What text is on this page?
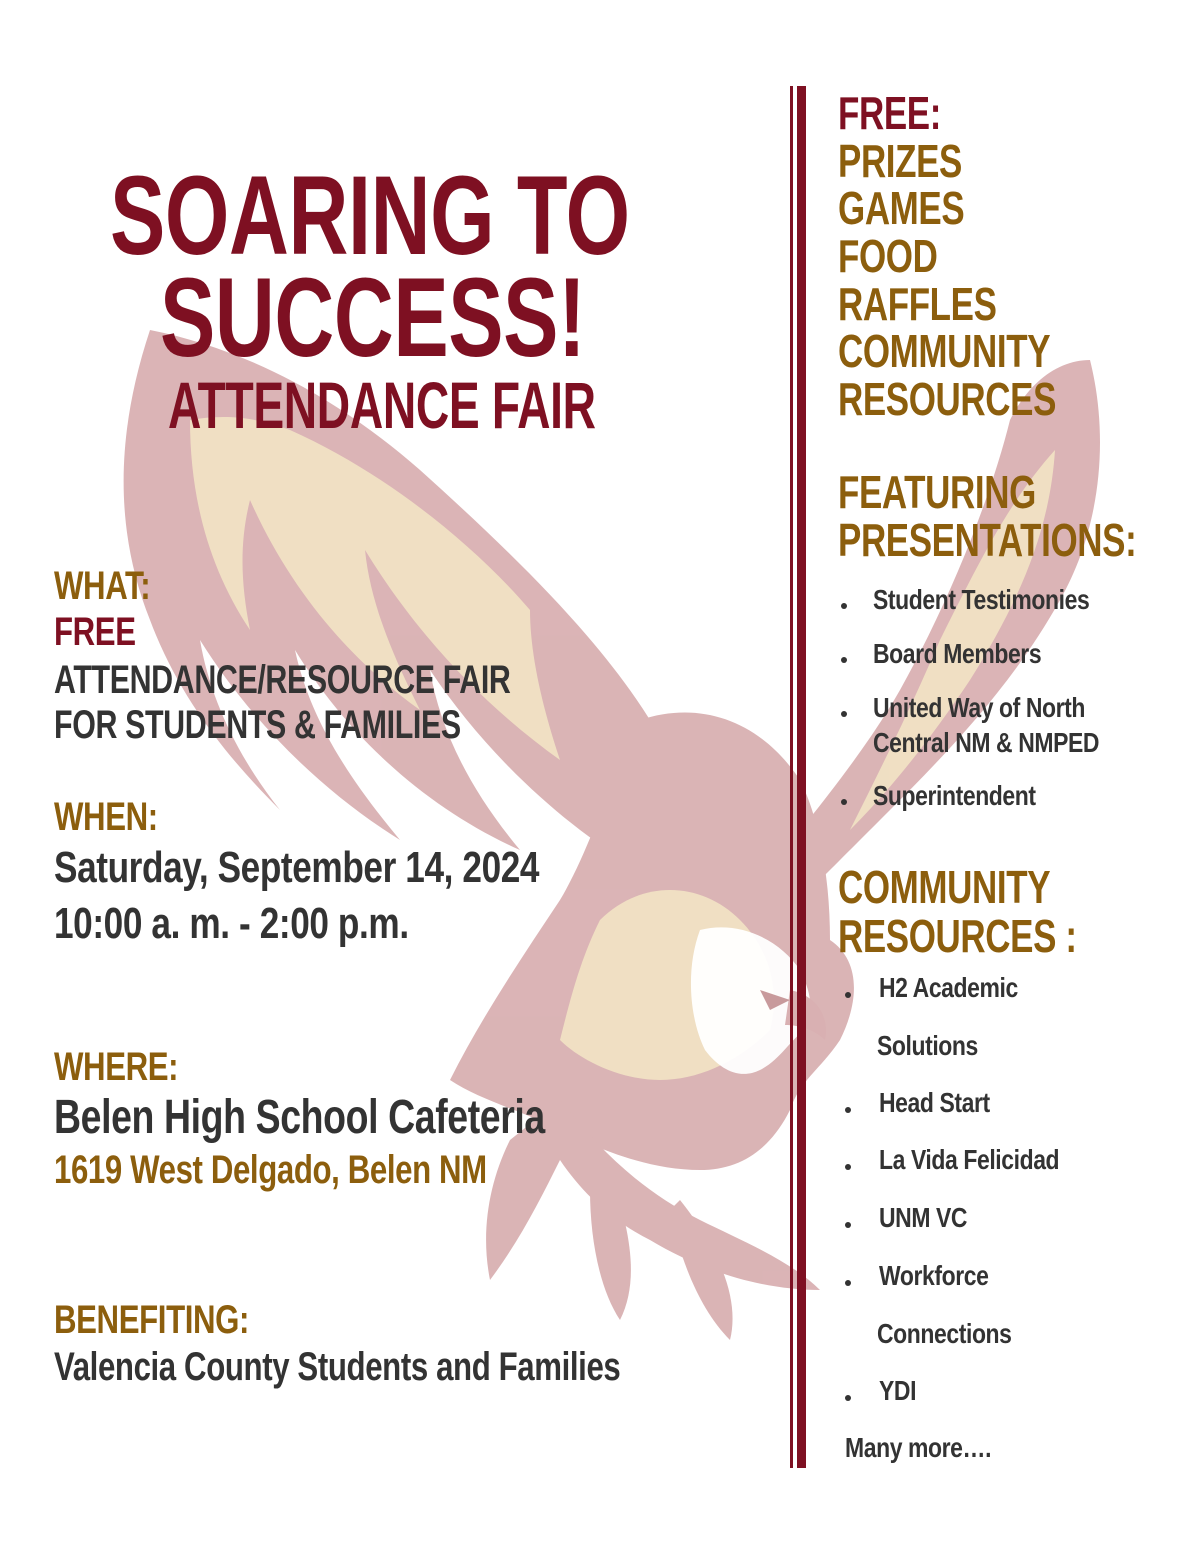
SOARING TO
SUCCESS!
ATTENDANCE FAIR
WHAT:
FREE
ATTENDANCE/RESOURCE FAIR
FOR STUDENTS & FAMILIES
WHEN:
Saturday, September 14, 2024
10:00 a. m. - 2:00 p.m.
WHERE:
Belen High School Cafeteria
1619 West Delgado, Belen NM
BENEFITING:
Valencia County Students and Families
FREE:
PRIZES
GAMES
FOOD
RAFFLES
COMMUNITY
RESOURCES
FEATURING
PRESENTATIONS:
Student Testimonies
Board Members
United Way of North
Central NM & NMPED
Superintendent
COMMUNITY
RESOURCES :
H2 Academic
Solutions
Head Start
La Vida Felicidad
UNM VC
Workforce
Connections
YDI
Many more….
